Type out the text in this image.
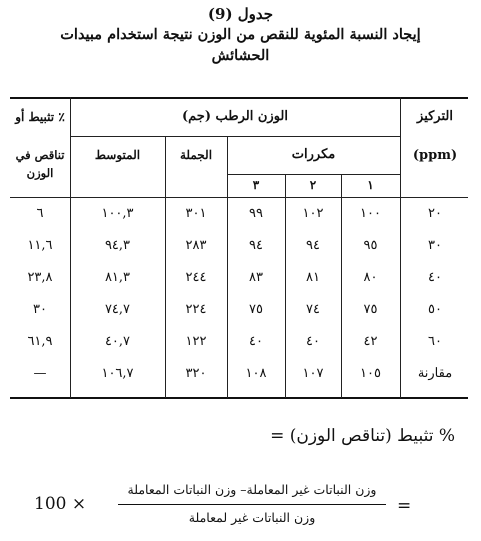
جدول (9)
إيجاد النسبة المئوية للنقص من الوزن نتيجة استخدام مبيدات
الحشائش
التركيز
(ppm)
الوزن الرطب (جم)
مكررات
١
٢
٣
الجملة
المتوسط
٪ تثبيط أو
تناقص في الوزن
٢٠
١٠٠
١٠٢
٩٩
٣٠١
١٠٠,٣
٦
٣٠
٩٥
٩٤
٩٤
٢٨٣
٩٤,٣
١١,٦
٤٠
٨٠
٨١
٨٣
٢٤٤
٨١,٣
٢٣,٨
٥٠
٧٥
٧٤
٧٥
٢٢٤
٧٤,٧
٣٠
٦٠
٤٢
٤٠
٤٠
١٢٢
٤٠,٧
٦١,٩
مقارنة
١٠٥
١٠٧
١٠٨
٣٢٠
١٠٦,٧
—
% تثبيط (تناقص الوزن) =
وزن النباتات غير المعاملة– وزن النباتات المعاملة
وزن النباتات غير لمعاملة
100 ×	=
